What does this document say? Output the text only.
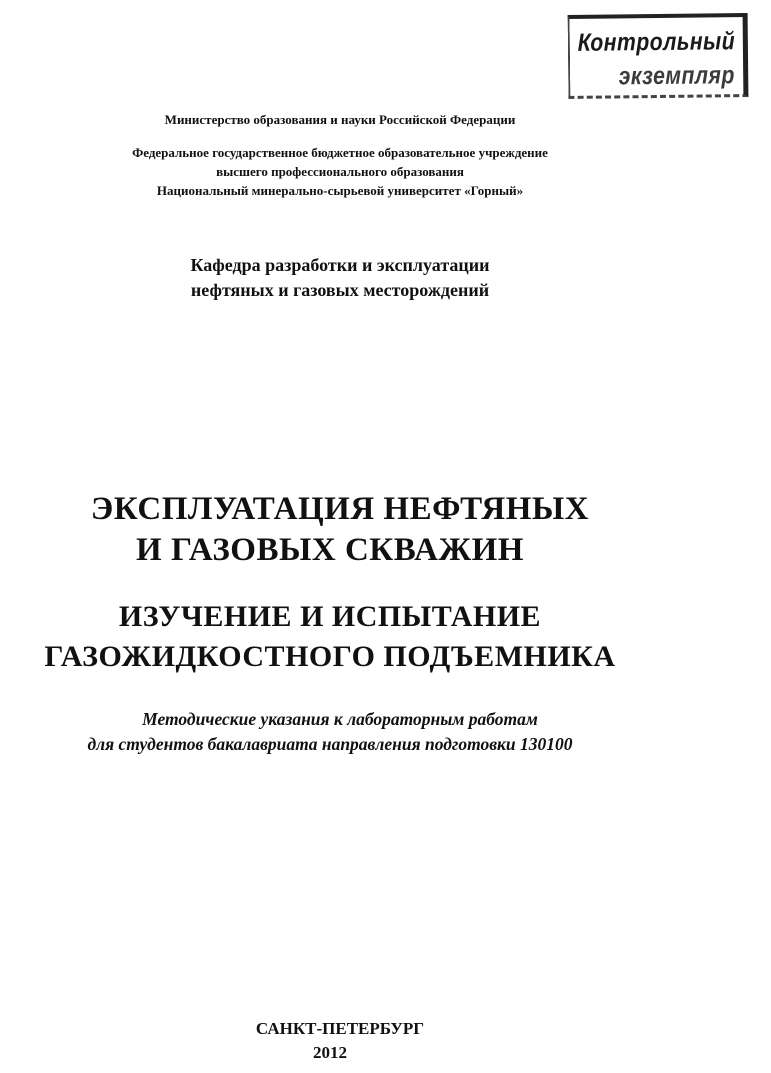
Контрольный
экземпляр
Министерство образования и науки Российской Федерации
Федеральное государственное бюджетное образовательное учреждение
высшего профессионального образования
Национальный минерально-сырьевой университет «Горный»
Кафедра разработки и эксплуатации
нефтяных и газовых месторождений
ЭКСПЛУАТАЦИЯ НЕФТЯНЫХ
И ГАЗОВЫХ СКВАЖИН
ИЗУЧЕНИЕ И ИСПЫТАНИЕ
ГАЗОЖИДКОСТНОГО ПОДЪЕМНИКА
Методические указания к лабораторным работам
для студентов бакалавриата направления подготовки 130100
САНКТ-ПЕТЕРБУРГ
2012
